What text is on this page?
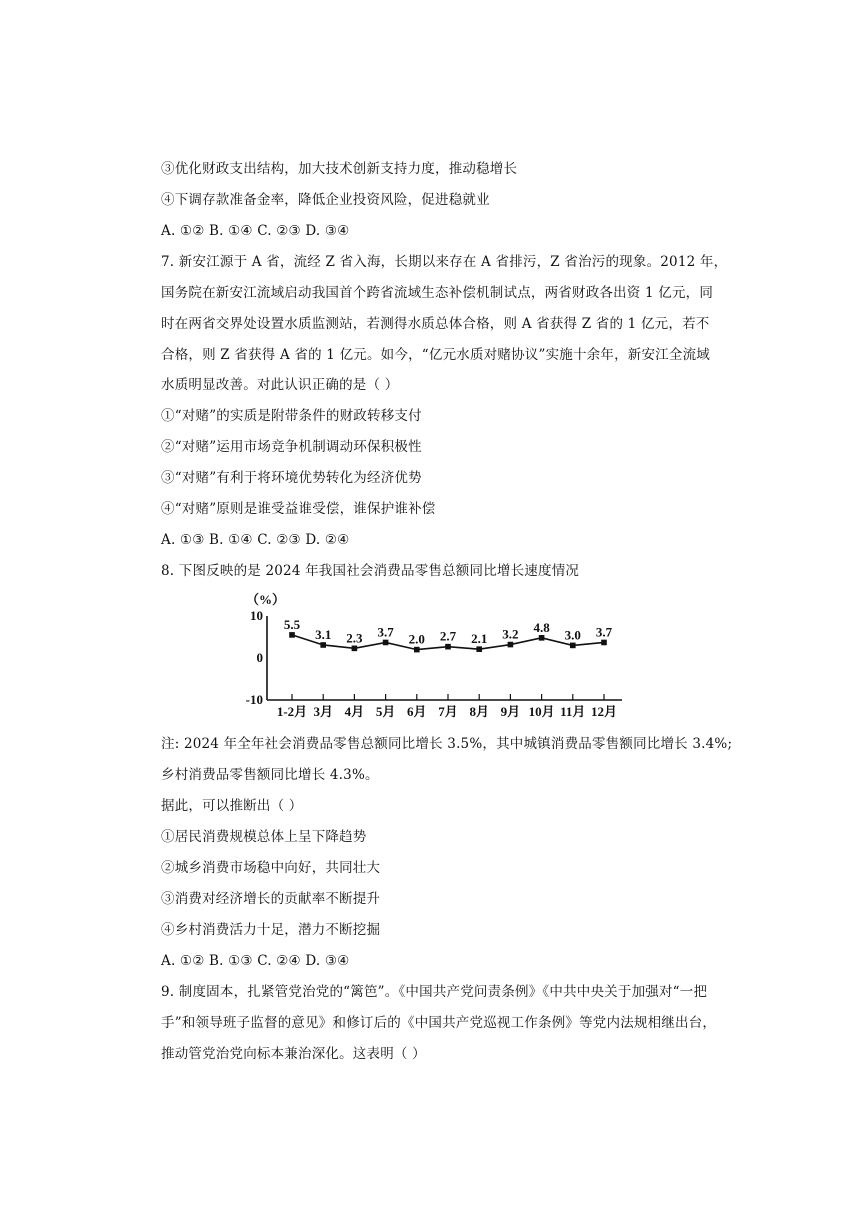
③优化财政支出结构，加大技术创新支持力度，推动稳增长
④下调存款准备金率，降低企业投资风险，促进稳就业
A. ①② B. ①④ C. ②③ D. ③④
7. 新安江源于 A 省，流经 Z 省入海，长期以来存在 A 省排污，Z 省治污的现象。2012 年，
国务院在新安江流域启动我国首个跨省流域生态补偿机制试点，两省财政各出资 1 亿元，同
时在两省交界处设置水质监测站，若测得水质总体合格，则 A 省获得 Z 省的 1 亿元，若不
合格，则 Z 省获得 A 省的 1 亿元。如今，“亿元水质对赌协议”实施十余年，新安江全流域
水质明显改善。对此认识正确的是（ ）
①“对赌”的实质是附带条件的财政转移支付
②“对赌”运用市场竞争机制调动环保积极性
③“对赌”有利于将环境优势转化为经济优势
④“对赌”原则是谁受益谁受偿，谁保护谁补偿
A. ①③ B. ①④ C. ②③ D. ②④
8. 下图反映的是 2024 年我国社会消费品零售总额同比增长速度情况
（%）
10
0
-10
1-2月 3月 4月 5月 6月 7月 8月 9月 10月 11月 12月
5.5
3.1 2.3 3.7 2.0 2.7 2.1 3.2 4.8
3.0 3.7
注: 2024 年全年社会消费品零售总额同比增长 3.5%，其中城镇消费品零售额同比增长 3.4%;
乡村消费品零售额同比增长 4.3%。
据此，可以推断出（ ）
①居民消费规模总体上呈下降趋势
②城乡消费市场稳中向好，共同壮大
③消费对经济增长的贡献率不断提升
④乡村消费活力十足，潜力不断挖掘
A. ①② B. ①③ C. ②④ D. ③④
9. 制度固本，扎紧管党治党的“篱笆”。《中国共产党问责条例》《中共中央关于加强对“一把
手”和领导班子监督的意见》和修订后的《中国共产党巡视工作条例》等党内法规相继出台，
推动管党治党向标本兼治深化。这表明（ ）
